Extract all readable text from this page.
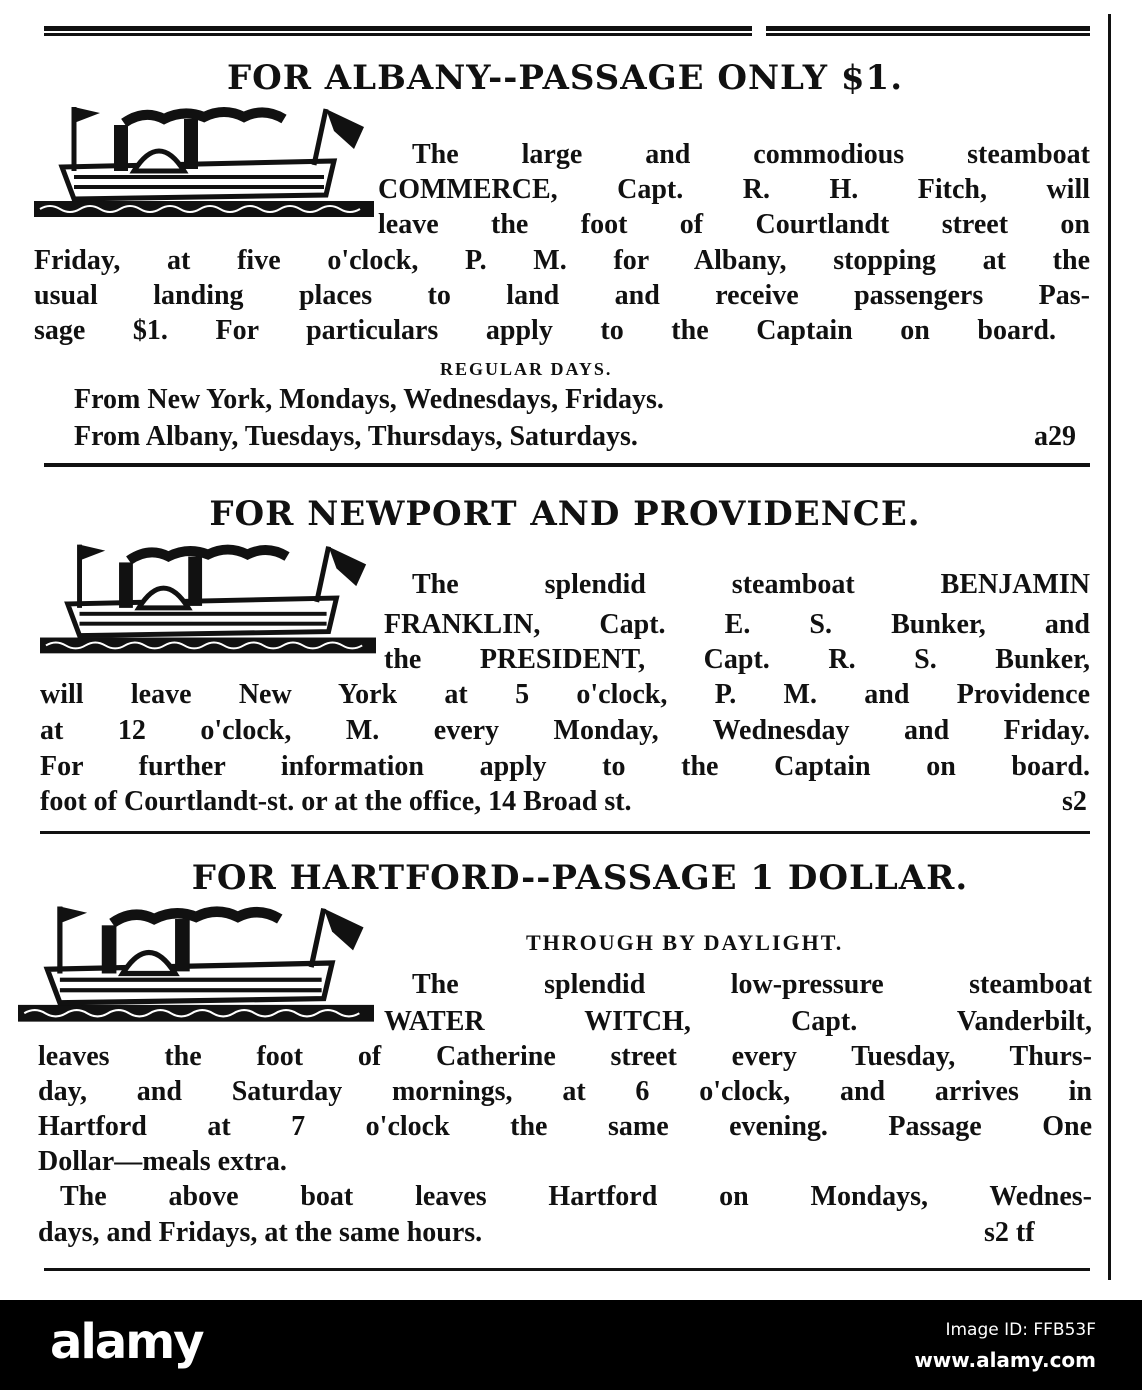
FOR ALBANY--PASSAGE ONLY $1.
The large and commodious steamboat
COMMERCE, Capt. R. H. Fitch, will
leave the foot of Courtlandt street on
Friday, at five o'clock, P. M. for Albany, stopping at the
usual landing places to land and receive passengers Pas-
sage $1. For particulars apply to the Captain on board.
REGULAR DAYS.
From New York, Mondays, Wednesdays, Fridays.
From Albany, Tuesdays, Thursdays, Saturdays.	a29
FOR NEWPORT AND PROVIDENCE.
The splendid steamboat BENJAMIN
FRANKLIN, Capt. E. S. Bunker, and
the PRESIDENT, Capt. R. S. Bunker,
will leave New York at 5 o'clock, P. M. and Providence
at 12 o'clock, M. every Monday, Wednesday and Friday.
For further information apply to the Captain on board.
foot of Courtlandt-st. or at the office, 14 Broad st.	s2
FOR HARTFORD--PASSAGE 1 DOLLAR.
THROUGH BY DAYLIGHT.
The splendid low-pressure steamboat
WATER WITCH, Capt. Vanderbilt,
leaves the foot of Catherine street every Tuesday, Thurs-
day, and Saturday mornings, at 6 o'clock, and arrives in
Hartford at 7 o'clock the same evening. Passage One
Dollar—meals extra.
The above boat leaves Hartford on Mondays, Wednes-
days, and Fridays, at the same hours.	s2 tf
alamy	Image ID: FFB53F
www.alamy.com
